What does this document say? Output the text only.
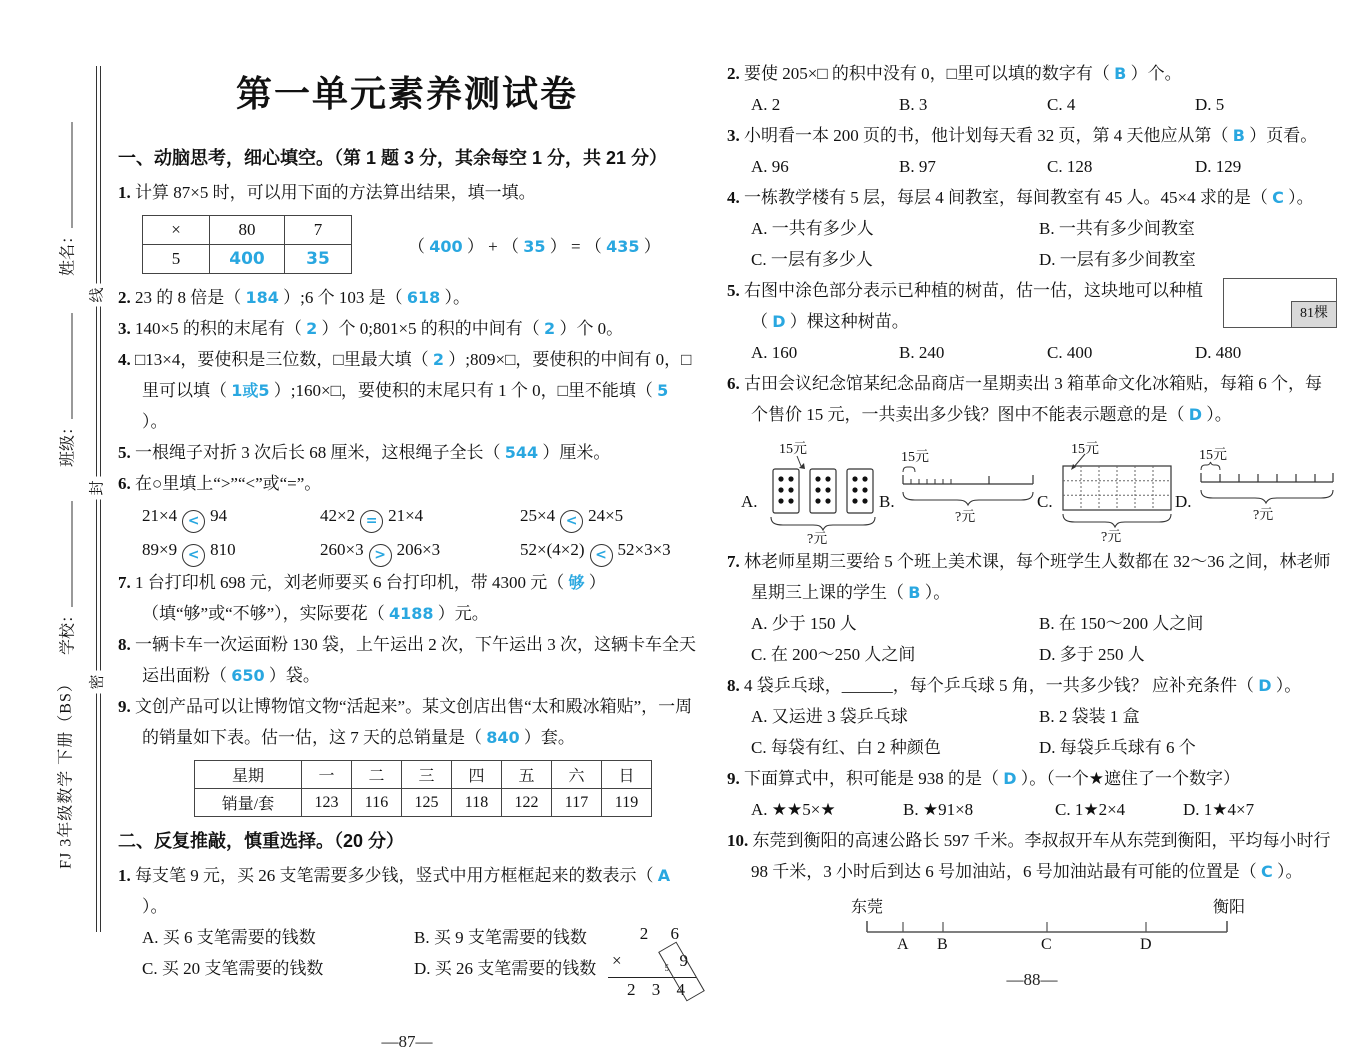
姓名：
班级：
学校：
FJ 3年级数学 下册（BS）
线
封
密
第一单元素养测试卷
一、动脑思考，细心填空。（第 1 题 3 分，其余每空 1 分，共 21 分）
1. 计算 87×5 时，可以用下面的方法算出结果，填一填。
×	80	7
5	400	35
（ 400 ） + （ 35 ） = （ 435 ）
2. 23 的 8 倍是（ 184 ）;6 个 103 是（ 618 ）。
3. 140×5 的积的末尾有（ 2 ）个 0;801×5 的积的中间有（ 2 ）个 0。
4. □13×4，要使积是三位数，□里最大填（ 2 ）;809×□，要使积的中间有 0，□里可以填（ 1或5 ）;160×□，要使积的末尾只有 1 个 0，□里不能填（ 5 ）。
5. 一根绳子对折 3 次后长 68 厘米，这根绳子全长（ 544 ）厘米。
6. 在○里填上“>”“<”或“=”。
21×4 < 94	42×2 = 21×4	25×4 < 24×5
89×9 < 810	260×3 > 206×3	52×(4×2) < 52×3×3
7. 1 台打印机 698 元，刘老师要买 6 台打印机，带 4300 元（ 够 ）（填“够”或“不够”），实际要花（ 4188 ）元。
8. 一辆卡车一次运面粉 130 袋，上午运出 2 次，下午运出 3 次，这辆卡车全天运出面粉（ 650 ）袋。
9. 文创产品可以让博物馆文物“活起来”。某文创店出售“太和殿冰箱贴”，一周的销量如下表。估一估，这 7 天的总销量是（ 840 ）套。
星期	一	二	三	四	五	六	日
销量/套	123	116	125	118	122	117	119
二、反复推敲，慎重选择。（20 分）
1. 每支笔 9 元，买 26 支笔需要多少钱，竖式中用方框框起来的数表示（ A ）。
A. 买 6 支笔需要的钱数	B. 买 9 支笔需要的钱数
C. 买 20 支笔需要的钱数	D. 买 26 支笔需要的钱数
2 6
×	9
5
2 3 4
—87—
2. 要使 205×□ 的积中没有 0，□里可以填的数字有（ B ）个。
A. 2	B. 3	C. 4	D. 5
3. 小明看一本 200 页的书，他计划每天看 32 页，第 4 天他应从第（ B ）页看。
A. 96	B. 97	C. 128	D. 129
4. 一栋教学楼有 5 层，每层 4 间教室，每间教室有 45 人。45×4 求的是（ C ）。
A. 一共有多少人	B. 一共有多少间教室
C. 一层有多少人	D. 一层有多少间教室
81棵
5. 右图中涂色部分表示已种植的树苗，估一估，这块地可以种植（ D ）棵这种树苗。
A. 160	B. 240	C. 400	D. 480
6. 古田会议纪念馆某纪念品商店一星期卖出 3 箱革命文化冰箱贴，每箱 6 个，每个售价 15 元，一共卖出多少钱？图中不能表示题意的是（ D ）。
A.
15元
?元
B.
15元
?元
C.
15元
?元
D.
15元
?元
7. 林老师星期三要给 5 个班上美术课，每个班学生人数都在 32～36 之间，林老师星期三上课的学生（ B ）。
A. 少于 150 人	B. 在 150～200 人之间
C. 在 200～250 人之间	D. 多于 250 人
8. 4 袋乒乓球，______，每个乒乓球 5 角，一共多少钱？ 应补充条件（ D ）。
A. 又运进 3 袋乒乓球	B. 2 袋装 1 盒
C. 每袋有红、白 2 种颜色	D. 每袋乒乓球有 6 个
9. 下面算式中，积可能是 938 的是（ D ）。（一个★遮住了一个数字）
A. ★★5×★	B. ★91×8	C. 1★2×4	D. 1★4×7
10. 东莞到衡阳的高速公路长 597 千米。李叔叔开车从东莞到衡阳，平均每小时行 98 千米，3 小时后到达 6 号加油站，6 号加油站最有可能的位置是（ C ）。
东莞	衡阳
A B	C	D
—88—
